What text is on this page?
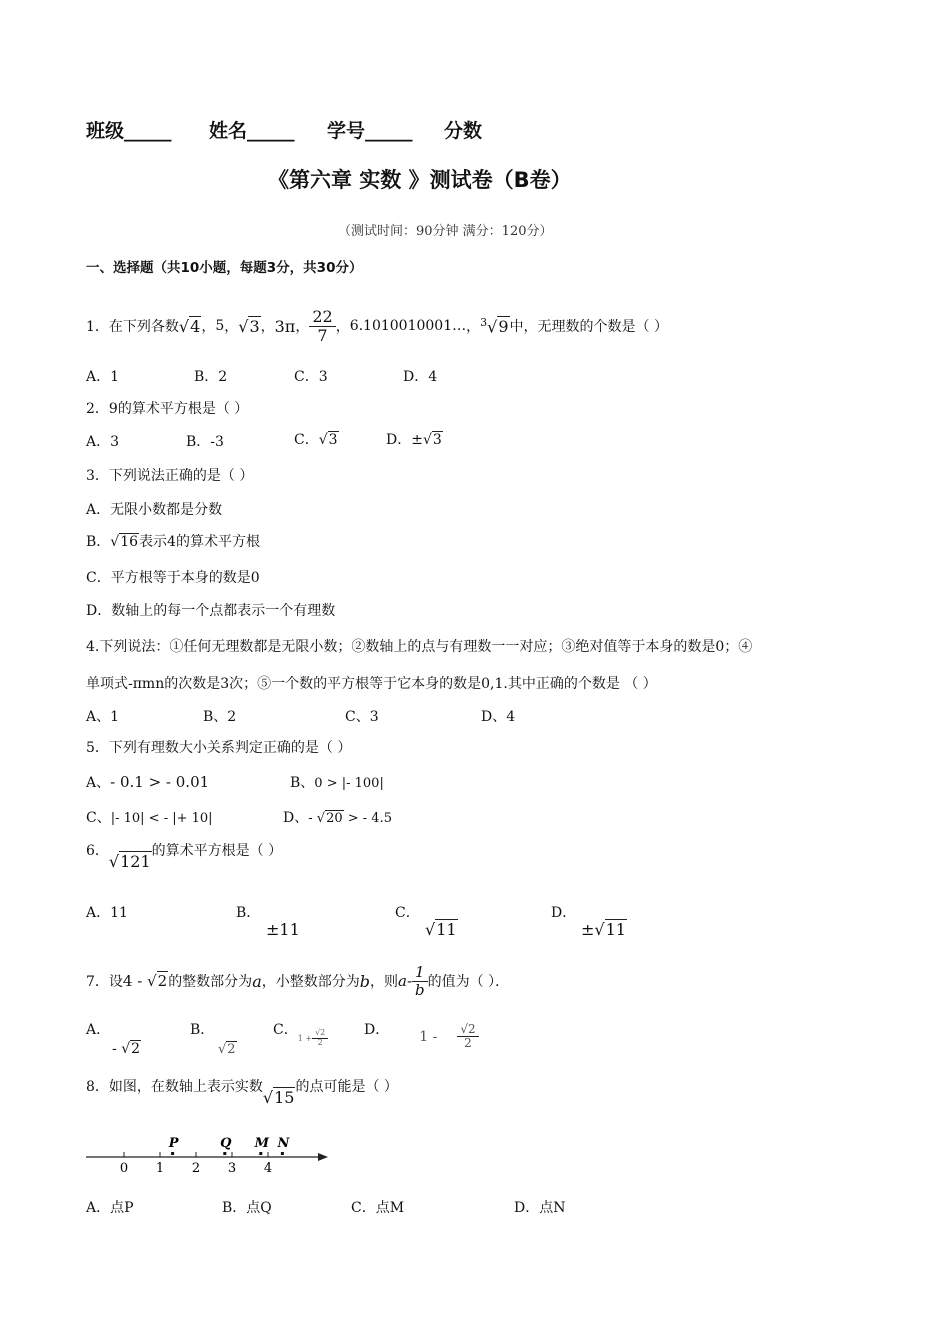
班级_____ 姓名_____ 学号_____ 分数
《第六章 实数 》测试卷（B卷）
（测试时间：90分钟 满分：120分）
一、选择题（共10小题，每题3分，共30分）
1．在下列各数 √4 ， 5 ， √3 ， 3π ， $\frac{22}{7}$ ， 6.1010010001… ， $^3$√9 中，无理数的个数是（ ）
A．1	B．2	C．3	D．4
2．9的算术平方根是（ ）
A．3	B．-3	C．√3	D．±√3
3．下列说法正确的是（ ）
A．无限小数都是分数
B．√16表示4的算术平方根
C．平方根等于本身的数是0
D．数轴上的每一个点都表示一个有理数
4.下列说法：①任何无理数都是无限小数；②数轴上的点与有理数一一对应；③绝对值等于本身的数是0；④
单项式-πmn的次数是3次；⑤一个数的平方根等于它本身的数是0,1.其中正确的个数是 （ ）
A、1	B、2	C、3	D、4
5．下列有理数大小关系判定正确的是（ ）
A、- 0.1 > - 0.01	B、0 > |- 100|
C、|- 10| < - |+ 10|	D、- √20 > - 4.5
6．
√121
的算术平方根是（ ）
A．11	B．
±11
C．
√11
D．
±√11
7．设 4 - √2 的整数部分为 a ，小整数部分为 b ，则 a - $\frac{1}{b}$ 的值为（ ）．
A．
- √2
B．
√2
C．
$1 + \frac{√2}{2}$	D． $1 - \frac{√2}{2}$
8．如图，在数轴上表示实数
√15
的点可能是（ ）
0 1 2 3 4
P	Q M N
A．点P	B．点Q	C．点M	D．点N
